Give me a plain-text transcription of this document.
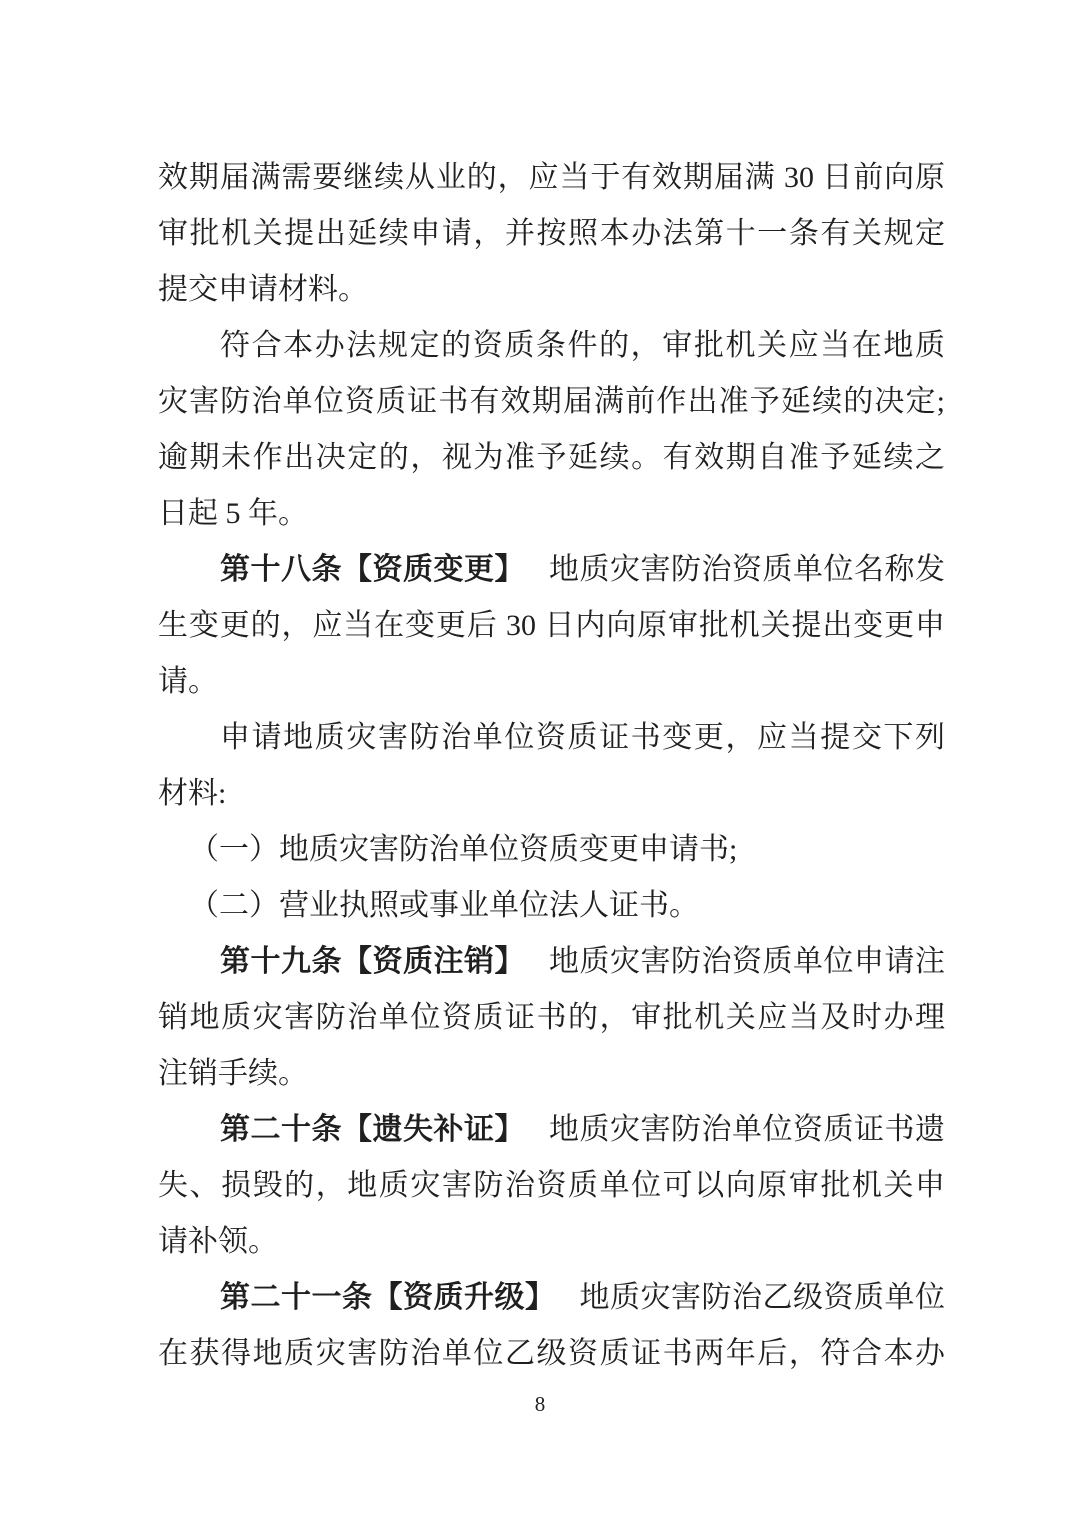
效期届满需要继续从业的，应当于有效期届满 30 日前向原
审批机关提出延续申请，并按照本办法第十一条有关规定
提交申请材料。
符合本办法规定的资质条件的，审批机关应当在地质
灾害防治单位资质证书有效期届满前作出准予延续的决定;
逾期未作出决定的，视为准予延续。有效期自准予延续之
日起 5 年。
第十八条【资质变更】 地质灾害防治资质单位名称发
生变更的，应当在变更后 30 日内向原审批机关提出变更申
请。
申请地质灾害防治单位资质证书变更，应当提交下列
材料:
（一）地质灾害防治单位资质变更申请书;
（二）营业执照或事业单位法人证书。
第十九条【资质注销】 地质灾害防治资质单位申请注
销地质灾害防治单位资质证书的，审批机关应当及时办理
注销手续。
第二十条【遗失补证】 地质灾害防治单位资质证书遗
失、损毁的，地质灾害防治资质单位可以向原审批机关申
请补领。
第二十一条【资质升级】 地质灾害防治乙级资质单位
在获得地质灾害防治单位乙级资质证书两年后，符合本办
8
